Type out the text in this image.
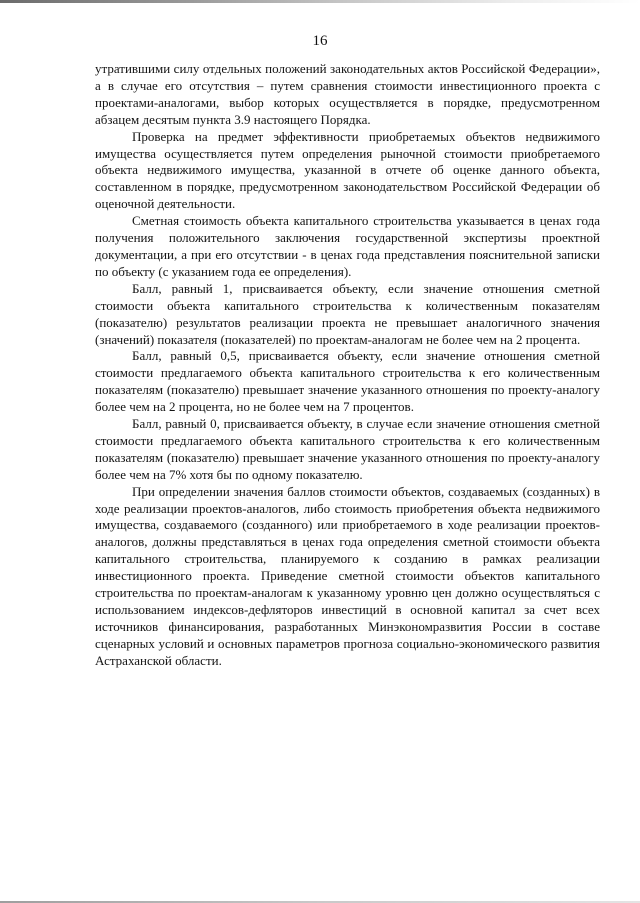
16

утратившими силу отдельных положений законодательных актов Российской Федерации», а в случае его отсутствия – путем сравнения стоимости инвестиционного проекта с проектами-аналогами, выбор которых осуществляется в порядке, предусмотренном абзацем десятым пункта 3.9 настоящего Порядка.

Проверка на предмет эффективности приобретаемых объектов недвижимого имущества осуществляется путем определения рыночной стоимости приобретаемого объекта недвижимого имущества, указанной в отчете об оценке данного объекта, составленном в порядке, предусмотренном законодательством Российской Федерации об оценочной деятельности.

Сметная стоимость объекта капитального строительства указывается в ценах года получения положительного заключения государственной экспертизы проектной документации, а при его отсутствии - в ценах года представления пояснительной записки по объекту (с указанием года ее определения).

Балл, равный 1, присваивается объекту, если значение отношения сметной стоимости объекта капитального строительства к количественным показателям (показателю) результатов реализации проекта не превышает аналогичного значения (значений) показателя (показателей) по проектам-аналогам не более чем на 2 процента.

Балл, равный 0,5, присваивается объекту, если значение отношения сметной стоимости предлагаемого объекта капитального строительства к его количественным показателям (показателю) превышает значение указанного отношения по проекту-аналогу более чем на 2 процента, но не более чем на 7 процентов.

Балл, равный 0, присваивается объекту, в случае если значение отношения сметной стоимости предлагаемого объекта капитального строительства к его количественным показателям (показателю) превышает значение указанного отношения по проекту-аналогу более чем на 7% хотя бы по одному показателю.

При определении значения баллов стоимости объектов, создаваемых (созданных) в ходе реализации проектов-аналогов, либо стоимость приобретения объекта недвижимого имущества, создаваемого (созданного) или приобретаемого в ходе реализации проектов-аналогов, должны представляться в ценах года определения сметной стоимости объекта капитального строительства, планируемого к созданию в рамках реализации инвестиционного проекта. Приведение сметной стоимости объектов капитального строительства по проектам-аналогам к указанному уровню цен должно осуществляться с использованием индексов-дефляторов инвестиций в основной капитал за счет всех источников финансирования, разработанных Минэкономразвития России в составе сценарных условий и основных параметров прогноза социально-экономического развития Астраханской области.
